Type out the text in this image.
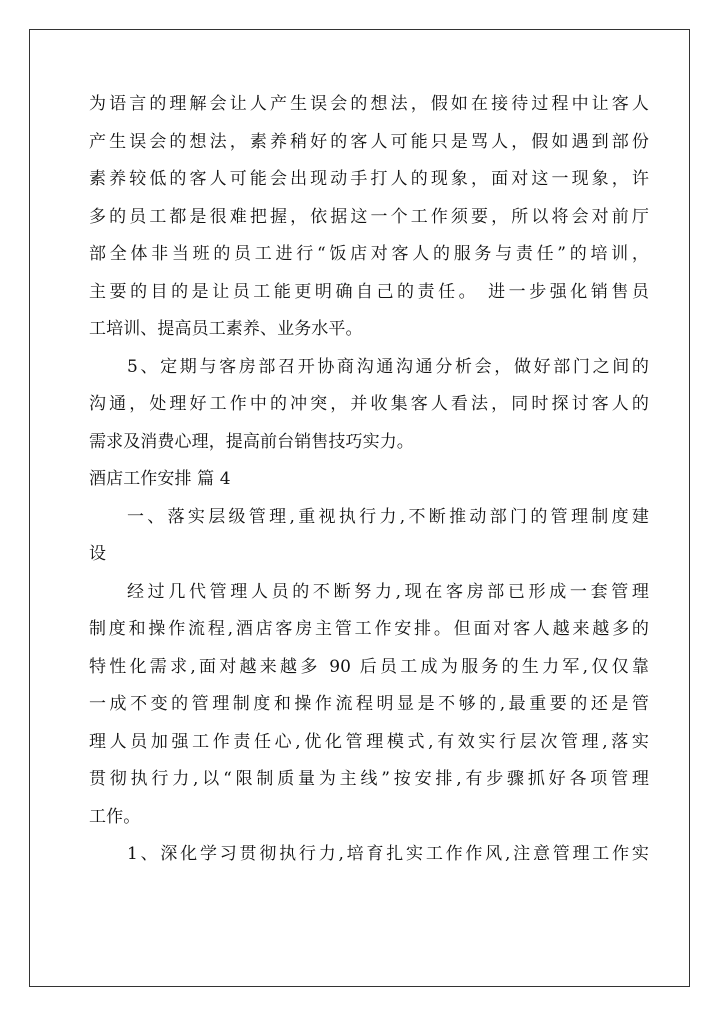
为语言的理解会让人产生误会的想法，假如在接待过程中让客人
产生误会的想法，素养稍好的客人可能只是骂人，假如遇到部份
素养较低的客人可能会出现动手打人的现象，面对这一现象，许
多的员工都是很难把握，依据这一个工作须要，所以将会对前厅
部全体非当班的员工进行“饭店对客人的服务与责任”的培训，
主要的目的是让员工能更明确自己的责任。 进一步强化销售员
工培训、提高员工素养、业务水平。
5、定期与客房部召开协商沟通沟通分析会，做好部门之间的
沟通，处理好工作中的冲突，并收集客人看法，同时探讨客人的
需求及消费心理，提高前台销售技巧实力。
酒店工作安排 篇 4
一、落实层级管理,重视执行力,不断推动部门的管理制度建
设
经过几代管理人员的不断努力,现在客房部已形成一套管理
制度和操作流程,酒店客房主管工作安排。但面对客人越来越多的
特性化需求,面对越来越多 90 后员工成为服务的生力军,仅仅靠
一成不变的管理制度和操作流程明显是不够的,最重要的还是管
理人员加强工作责任心,优化管理模式,有效实行层次管理,落实
贯彻执行力,以“限制质量为主线”按安排,有步骤抓好各项管理
工作。
1、深化学习贯彻执行力,培育扎实工作作风,注意管理工作实
